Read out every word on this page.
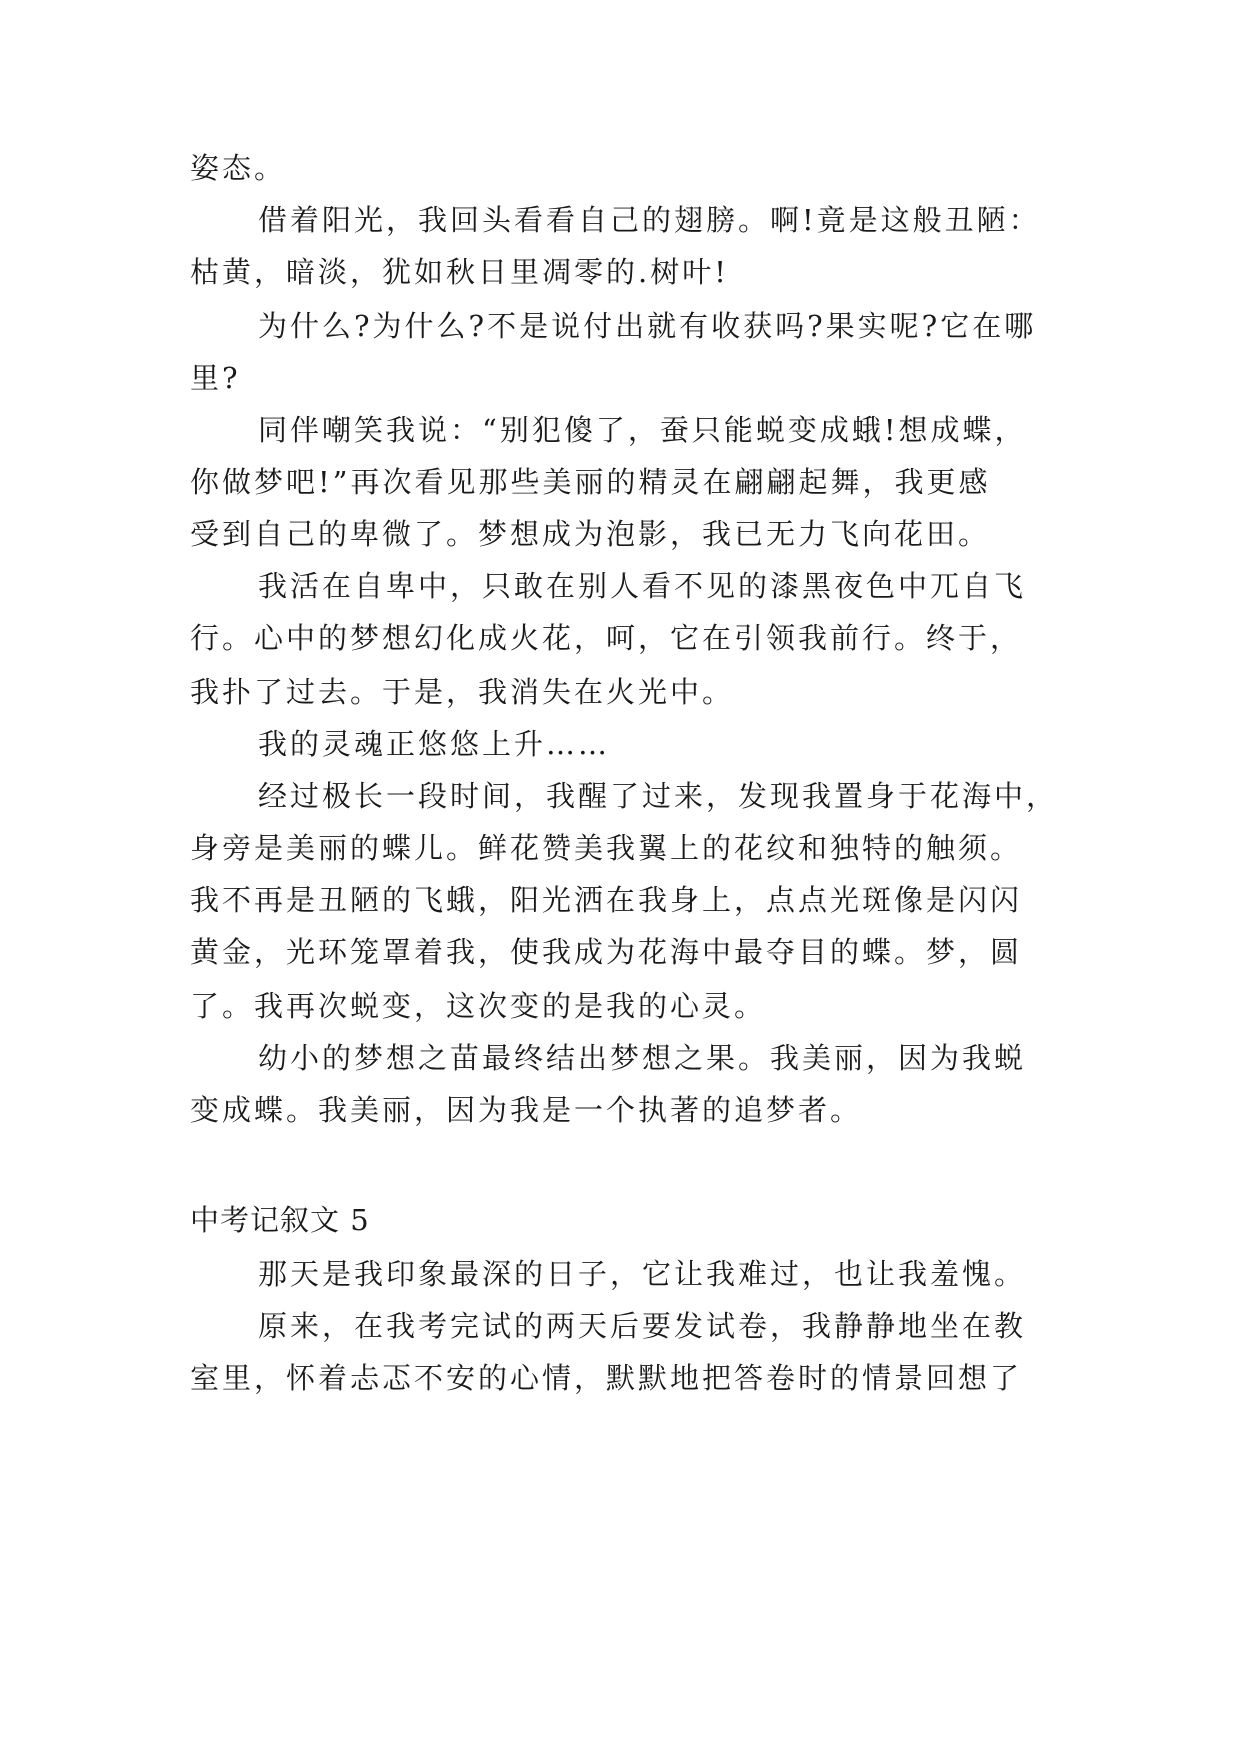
姿态。
借着阳光，我回头看看自己的翅膀。啊!竟是这般丑陋：
枯黄，暗淡，犹如秋日里凋零的.树叶!
为什么?为什么?不是说付出就有收获吗?果实呢?它在哪
里?
同伴嘲笑我说：“别犯傻了，蚕只能蜕变成蛾!想成蝶，
你做梦吧!”再次看见那些美丽的精灵在翩翩起舞，我更感
受到自己的卑微了。梦想成为泡影，我已无力飞向花田。
我活在自卑中，只敢在别人看不见的漆黑夜色中兀自飞
行。心中的梦想幻化成火花，呵，它在引领我前行。终于，
我扑了过去。于是，我消失在火光中。
我的灵魂正悠悠上升……
经过极长一段时间，我醒了过来，发现我置身于花海中，
身旁是美丽的蝶儿。鲜花赞美我翼上的花纹和独特的触须。
我不再是丑陋的飞蛾，阳光洒在我身上，点点光斑像是闪闪
黄金，光环笼罩着我，使我成为花海中最夺目的蝶。梦，圆
了。我再次蜕变，这次变的是我的心灵。
幼小的梦想之苗最终结出梦想之果。我美丽，因为我蜕
变成蝶。我美丽，因为我是一个执著的追梦者。
中考记叙文 5
那天是我印象最深的日子，它让我难过，也让我羞愧。
原来，在我考完试的两天后要发试卷，我静静地坐在教
室里，怀着忐忑不安的心情，默默地把答卷时的情景回想了
